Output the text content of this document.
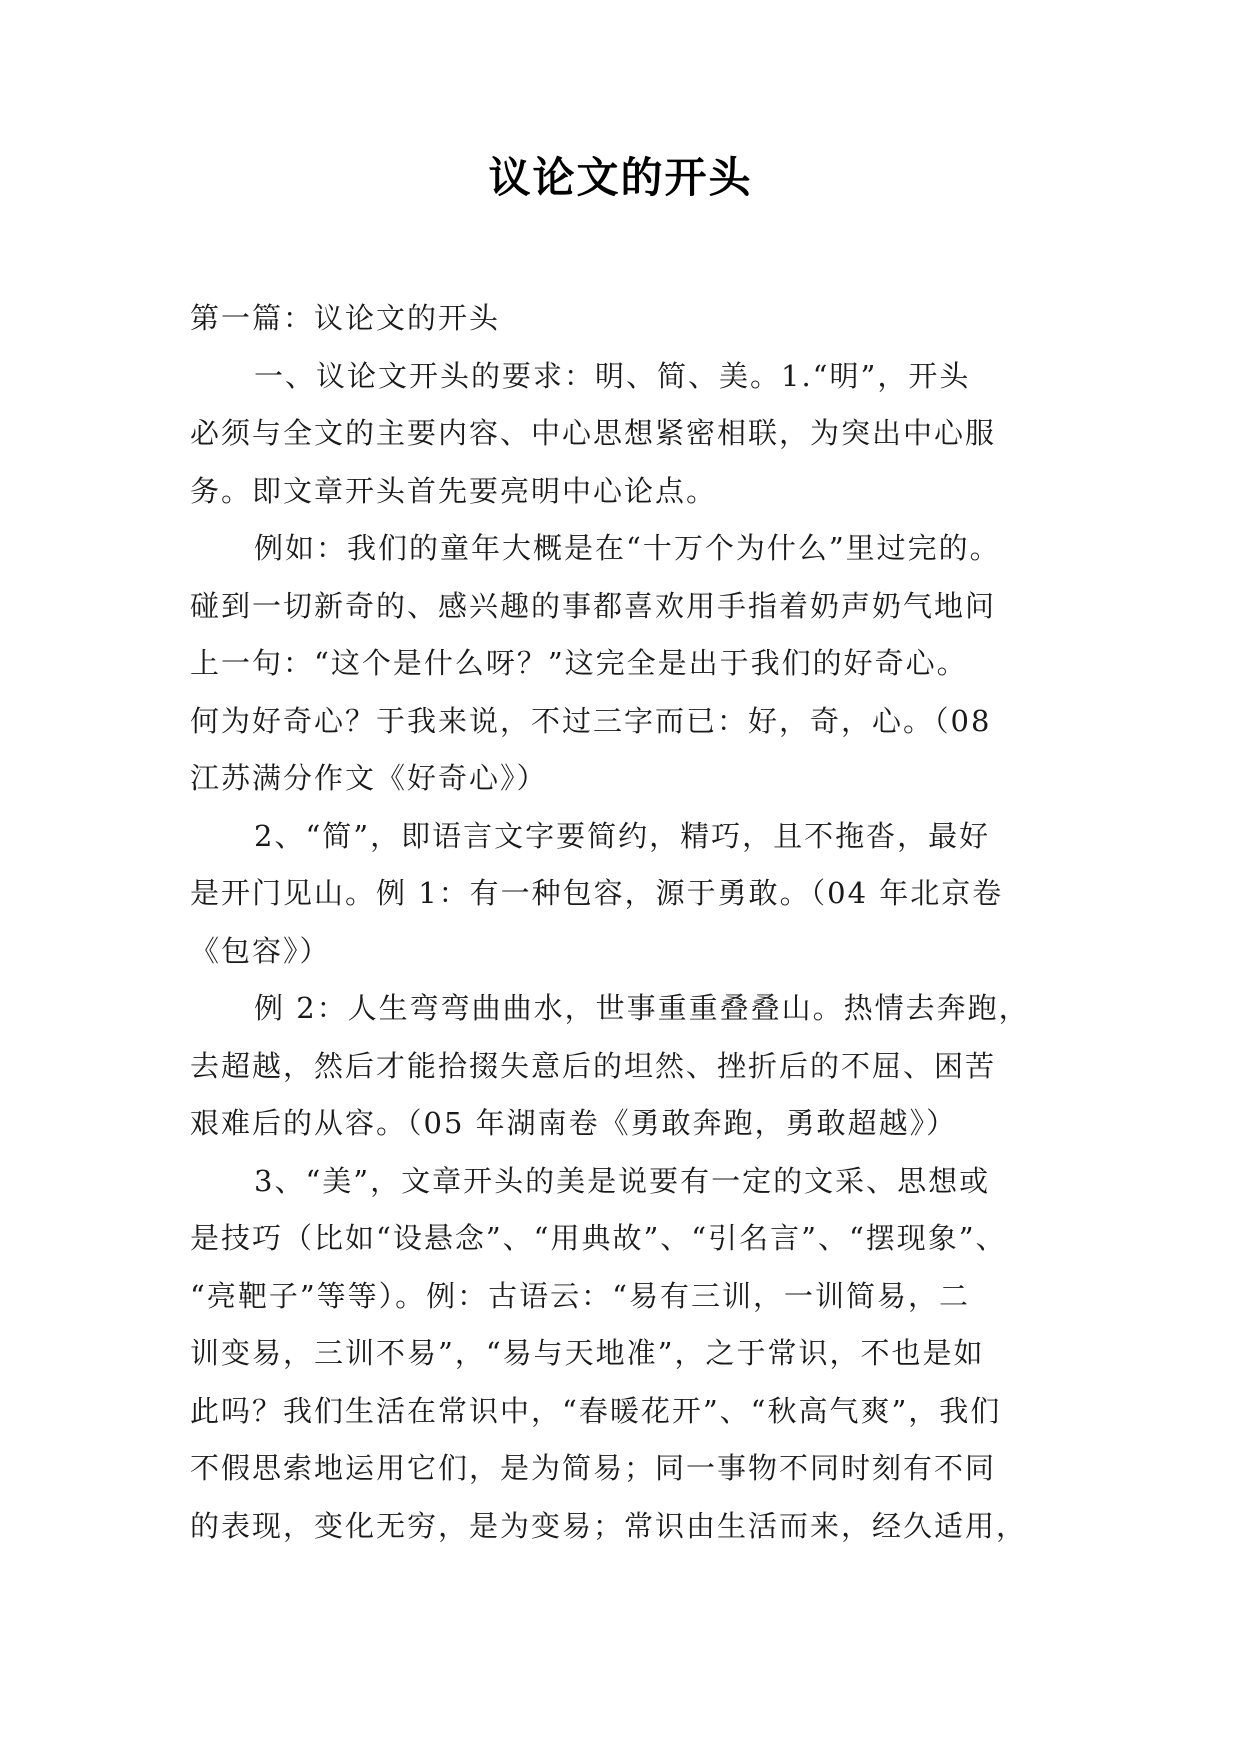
议论文的开头
第一篇：议论文的开头
一、议论文开头的要求：明、简、美。1.“明”，开头
必须与全文的主要内容、中心思想紧密相联，为突出中心服
务。即文章开头首先要亮明中心论点。
例如：我们的童年大概是在“十万个为什么”里过完的。
碰到一切新奇的、感兴趣的事都喜欢用手指着奶声奶气地问
上一句：“这个是什么呀？”这完全是出于我们的好奇心。
何为好奇心？于我来说，不过三字而已：好，奇，心。（08
江苏满分作文《好奇心》）
2、“简”，即语言文字要简约，精巧，且不拖沓，最好
是开门见山。例 1：有一种包容，源于勇敢。（04 年北京卷
《包容》）
例 2：人生弯弯曲曲水，世事重重叠叠山。热情去奔跑，
去超越，然后才能拾掇失意后的坦然、挫折后的不屈、困苦
艰难后的从容。（05 年湖南卷《勇敢奔跑，勇敢超越》）
3、“美”，文章开头的美是说要有一定的文采、思想或
是技巧（比如“设悬念”、“用典故”、“引名言”、“摆现象”、
“亮靶子”等等）。例：古语云：“易有三训，一训简易，二
训变易，三训不易”，“易与天地准”，之于常识，不也是如
此吗？我们生活在常识中，“春暖花开”、“秋高气爽”，我们
不假思索地运用它们，是为简易；同一事物不同时刻有不同
的表现，变化无穷，是为变易；常识由生活而来，经久适用，
